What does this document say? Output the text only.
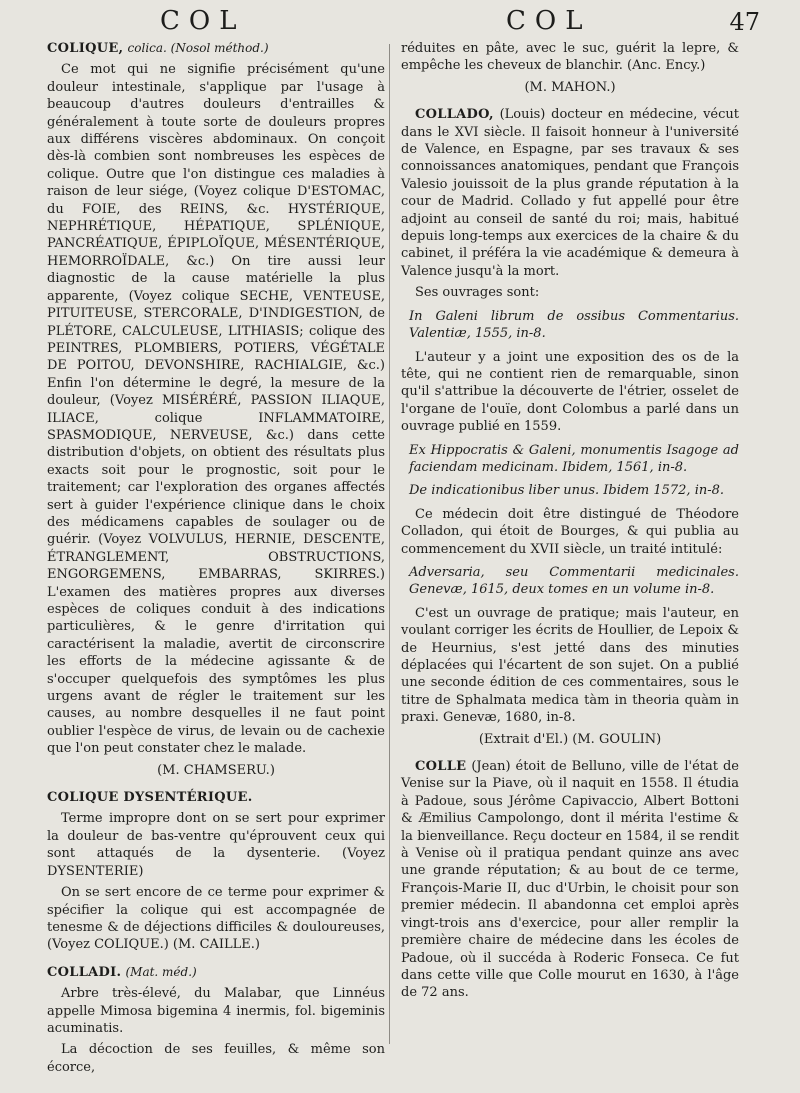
COL	COL	47

COLIQUE, colica. (Nosol méthod.)

Ce mot qui ne signifie précisément qu'une douleur intestinale, s'applique par l'usage à beaucoup d'autres douleurs d'entrailles & généralement à toute sorte de douleurs propres aux différens viscères abdominaux. On conçoit dès-là combien sont nombreuses les espèces de colique. Outre que l'on distingue ces maladies à raison de leur siége, (Voyez colique D'ESTOMAC, du FOIE, des REINS, &c. HYSTÉRIQUE, NEPHRÉTIQUE, HÉPATIQUE, SPLÉNIQUE, PANCRÉATIQUE, ÉPIPLOÏQUE, MÉSENTÉRIQUE, HEMORROÏDALE, &c.) On tire aussi leur diagnostic de la cause matérielle la plus apparente, (Voyez colique SECHE, VENTEUSE, PITUITEUSE, STERCORALE, D'INDIGESTION, de PLÉTORE, CALCULEUSE, LITHIASIS; colique des PEINTRES, PLOMBIERS, POTIERS, VÉGÉTALE DE POITOU, DEVONSHIRE, RACHIALGIE, &c.) Enfin l'on détermine le degré, la mesure de la douleur, (Voyez MISÉRÉRÉ, PASSION ILIAQUE, ILIACE, colique INFLAMMATOIRE, SPASMODIQUE, NERVEUSE, &c.) dans cette distribution d'objets, on obtient des résultats plus exacts soit pour le prognostic, soit pour le traitement; car l'exploration des organes affectés sert à guider l'expérience clinique dans le choix des médicamens capables de soulager ou de guérir. (Voyez VOLVULUS, HERNIE, DESCENTE, ÉTRANGLEMENT, OBSTRUCTIONS, ENGORGEMENS, EMBARRAS, SKIRRES.) L'examen des matières propres aux diverses espèces de coliques conduit à des indications particulières, & le genre d'irritation qui caractérisent la maladie, avertit de circonscrire les efforts de la médecine agissante & de s'occuper quelquefois des symptômes les plus urgens avant de régler le traitement sur les causes, au nombre desquelles il ne faut point oublier l'espèce de virus, de levain ou de cachexie que l'on peut constater chez le malade.

(M. CHAMSERU.)

COLIQUE DYSENTÉRIQUE.

Terme impropre dont on se sert pour exprimer la douleur de bas-ventre qu'éprouvent ceux qui sont attaqués de la dysenterie. (Voyez DYSENTERIE)

On se sert encore de ce terme pour exprimer & spécifier la colique qui est accompagnée de tenesme & de déjections difficiles & douloureuses, (Voyez COLIQUE.) (M. CAILLE.)

COLLADI. (Mat. méd.)

Arbre très-élevé, du Malabar, que Linnéus appelle Mimosa bigemina 4 inermis, fol. bigeminis acuminatis.

La décoction de ses feuilles, & même son écorce,

réduites en pâte, avec le suc, guérit la lepre, & empêche les cheveux de blanchir. (Anc. Ency.)

(M. MAHON.)

COLLADO, (Louis) docteur en médecine, vécut dans le XVI siècle. Il faisoit honneur à l'université de Valence, en Espagne, par ses travaux & ses connoissances anatomiques, pendant que François Valesio jouissoit de la plus grande réputation à la cour de Madrid. Collado y fut appellé pour être adjoint au conseil de santé du roi; mais, habitué depuis long-temps aux exercices de la chaire & du cabinet, il préféra la vie académique & demeura à Valence jusqu'à la mort.

Ses ouvrages sont:

In Galeni librum de ossibus Commentarius. Valentiæ, 1555, in-8.

L'auteur y a joint une exposition des os de la tête, qui ne contient rien de remarquable, sinon qu'il s'attribue la découverte de l'étrier, osselet de l'organe de l'ouïe, dont Colombus a parlé dans un ouvrage publié en 1559.

Ex Hippocratis & Galeni, monumentis Isagoge ad faciendam medicinam. Ibidem, 1561, in-8.

De indicationibus liber unus. Ibidem 1572, in-8.

Ce médecin doit être distingué de Théodore Colladon, qui étoit de Bourges, & qui publia au commencement du XVII siècle, un traité intitulé:

Adversaria, seu Commentarii medicinales. Genevæ, 1615, deux tomes en un volume in-8.

C'est un ouvrage de pratique; mais l'auteur, en voulant corriger les écrits de Houllier, de Lepoix & de Heurnius, s'est jetté dans des minuties déplacées qui l'écartent de son sujet. On a publié une seconde édition de ces commentaires, sous le titre de Sphalmata medica tàm in theoria quàm in praxi. Genevæ, 1680, in-8.

(Extrait d'El.) (M. GOULIN)

COLLE (Jean) étoit de Belluno, ville de l'état de Venise sur la Piave, où il naquit en 1558. Il étudia à Padoue, sous Jérôme Capivaccio, Albert Bottoni & Æmilius Campolongo, dont il mérita l'estime & la bienveillance. Reçu docteur en 1584, il se rendit à Venise où il pratiqua pendant quinze ans avec une grande réputation; & au bout de ce terme, François-Marie II, duc d'Urbin, le choisit pour son premier médecin. Il abandonna cet emploi après vingt-trois ans d'exercice, pour aller remplir la première chaire de médecine dans les écoles de Padoue, où il succéda à Roderic Fonseca. Ce fut dans cette ville que Colle mourut en 1630, à l'âge de 72 ans.
